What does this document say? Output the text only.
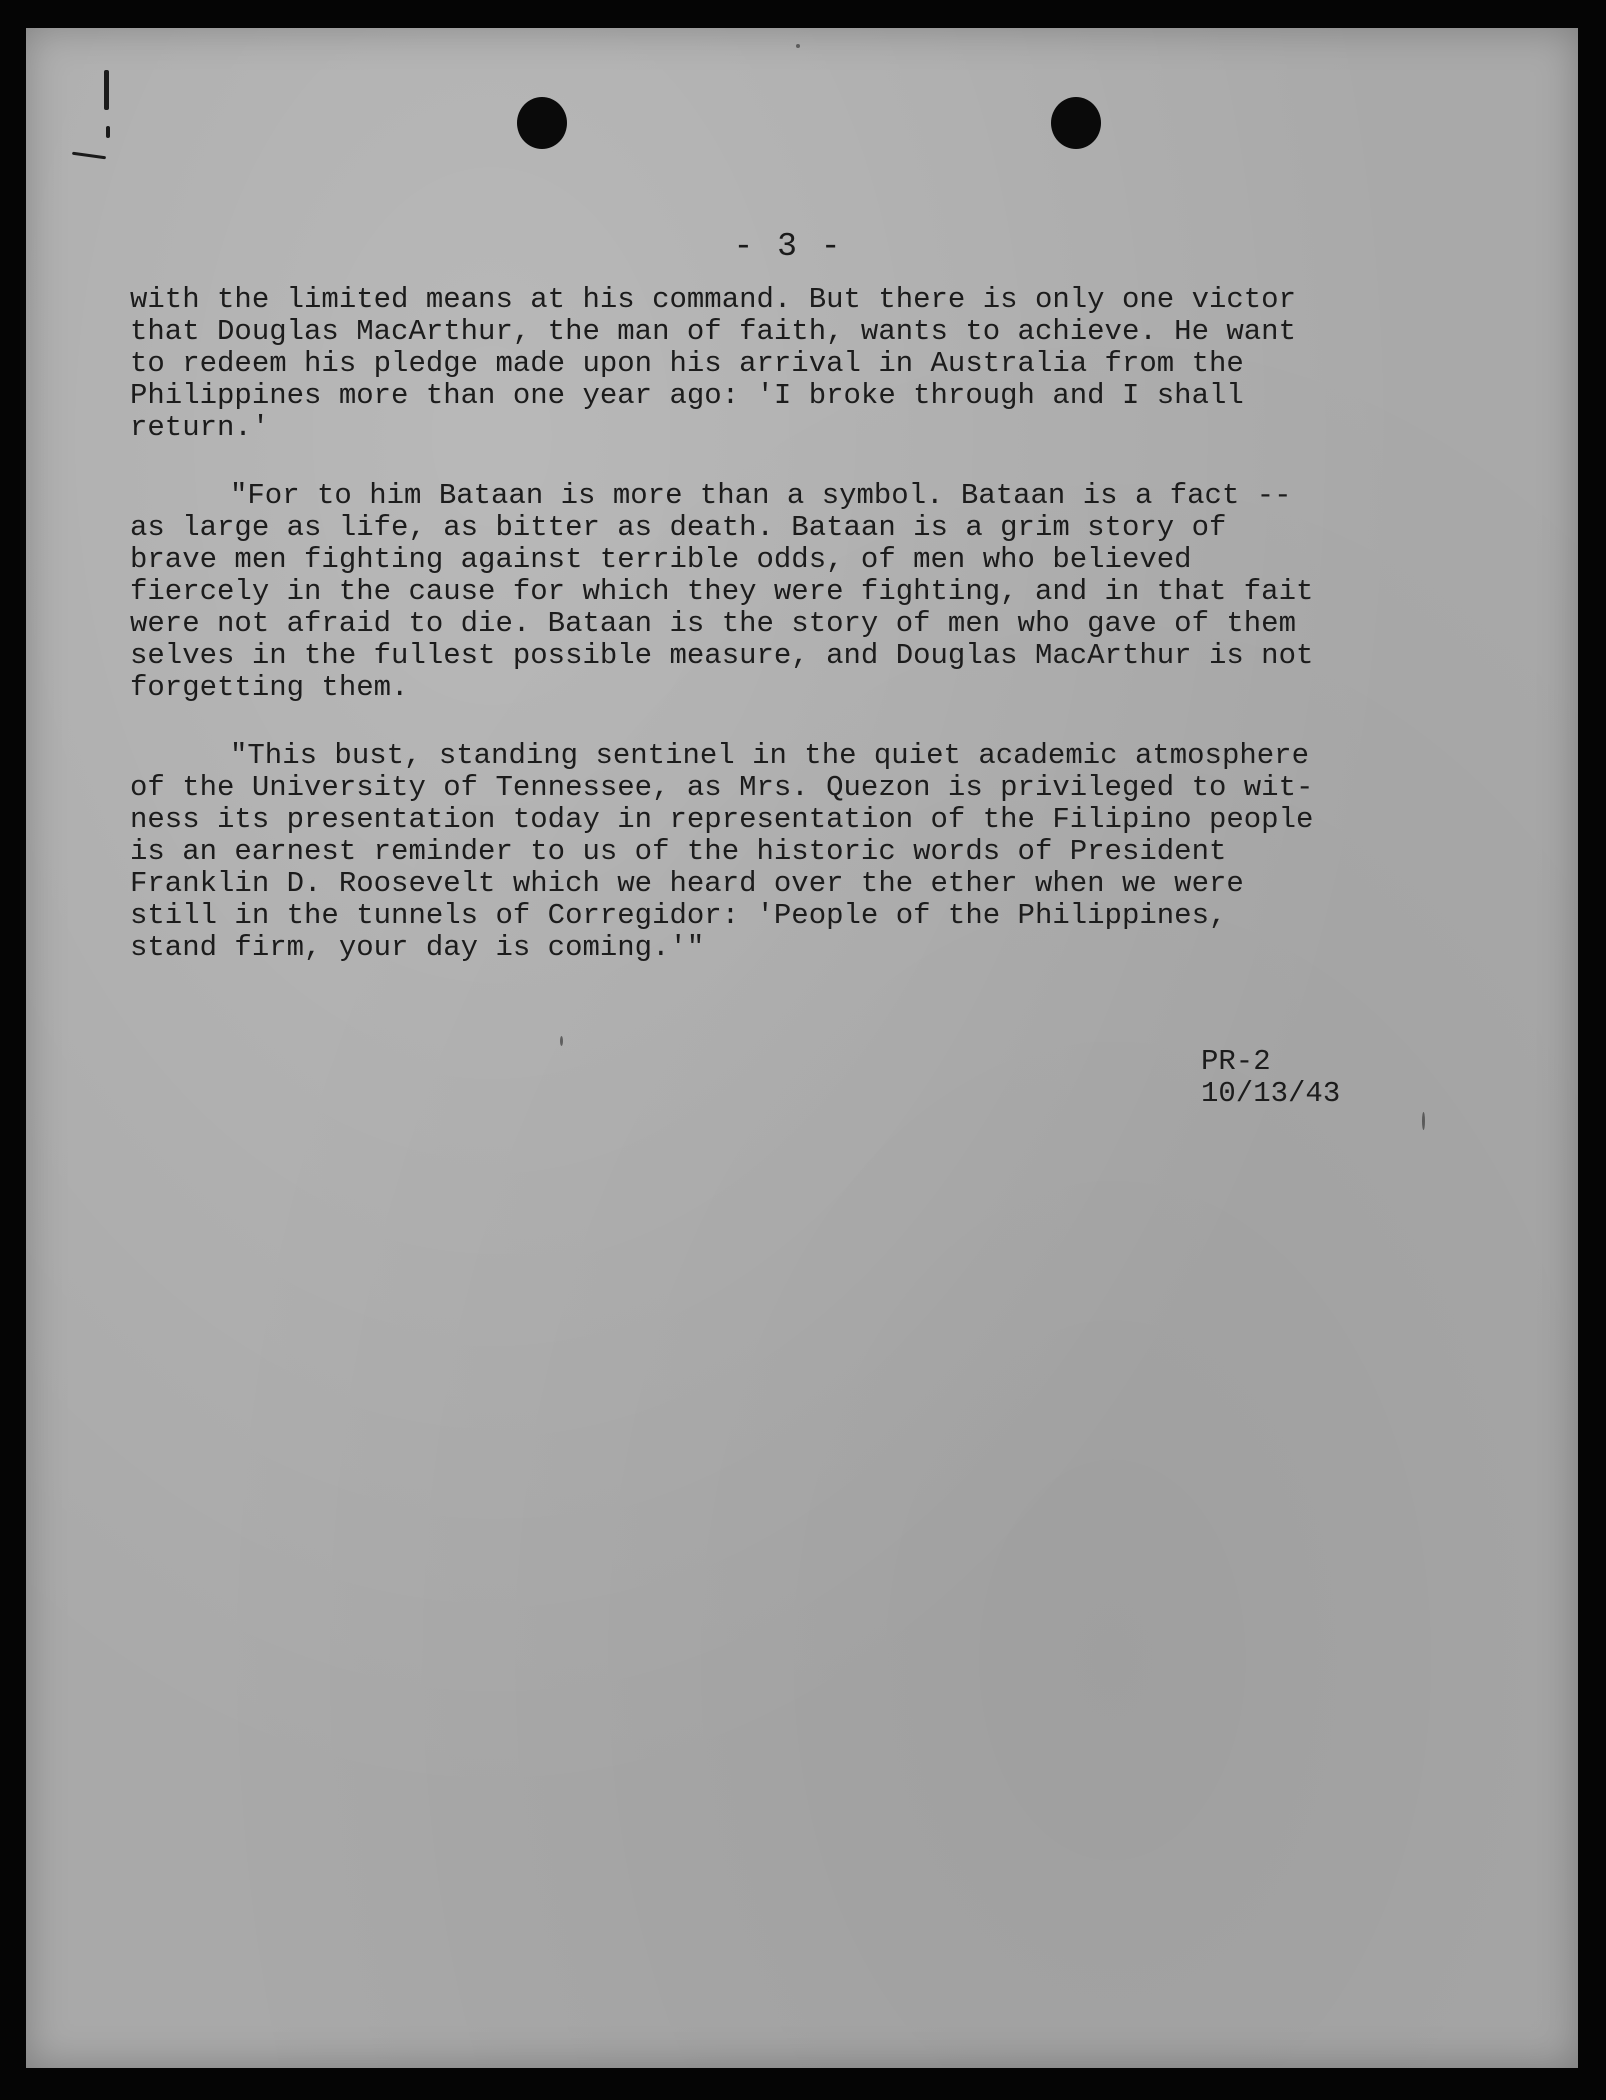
- 3 -
with the limited means at his command. But there is only one victor
that Douglas MacArthur, the man of faith, wants to achieve. He want
to redeem his pledge made upon his arrival in Australia from the
Philippines more than one year ago: 'I broke through and I shall
return.'
"For to him Bataan is more than a symbol. Bataan is a fact --
as large as life, as bitter as death. Bataan is a grim story of
brave men fighting against terrible odds, of men who believed
fiercely in the cause for which they were fighting, and in that fait
were not afraid to die. Bataan is the story of men who gave of them
selves in the fullest possible measure, and Douglas MacArthur is not
forgetting them.
"This bust, standing sentinel in the quiet academic atmosphere
of the University of Tennessee, as Mrs. Quezon is privileged to wit-
ness its presentation today in representation of the Filipino people
is an earnest reminder to us of the historic words of President
Franklin D. Roosevelt which we heard over the ether when we were
still in the tunnels of Corregidor: 'People of the Philippines,
stand firm, your day is coming.'"
PR-2
10/13/43
